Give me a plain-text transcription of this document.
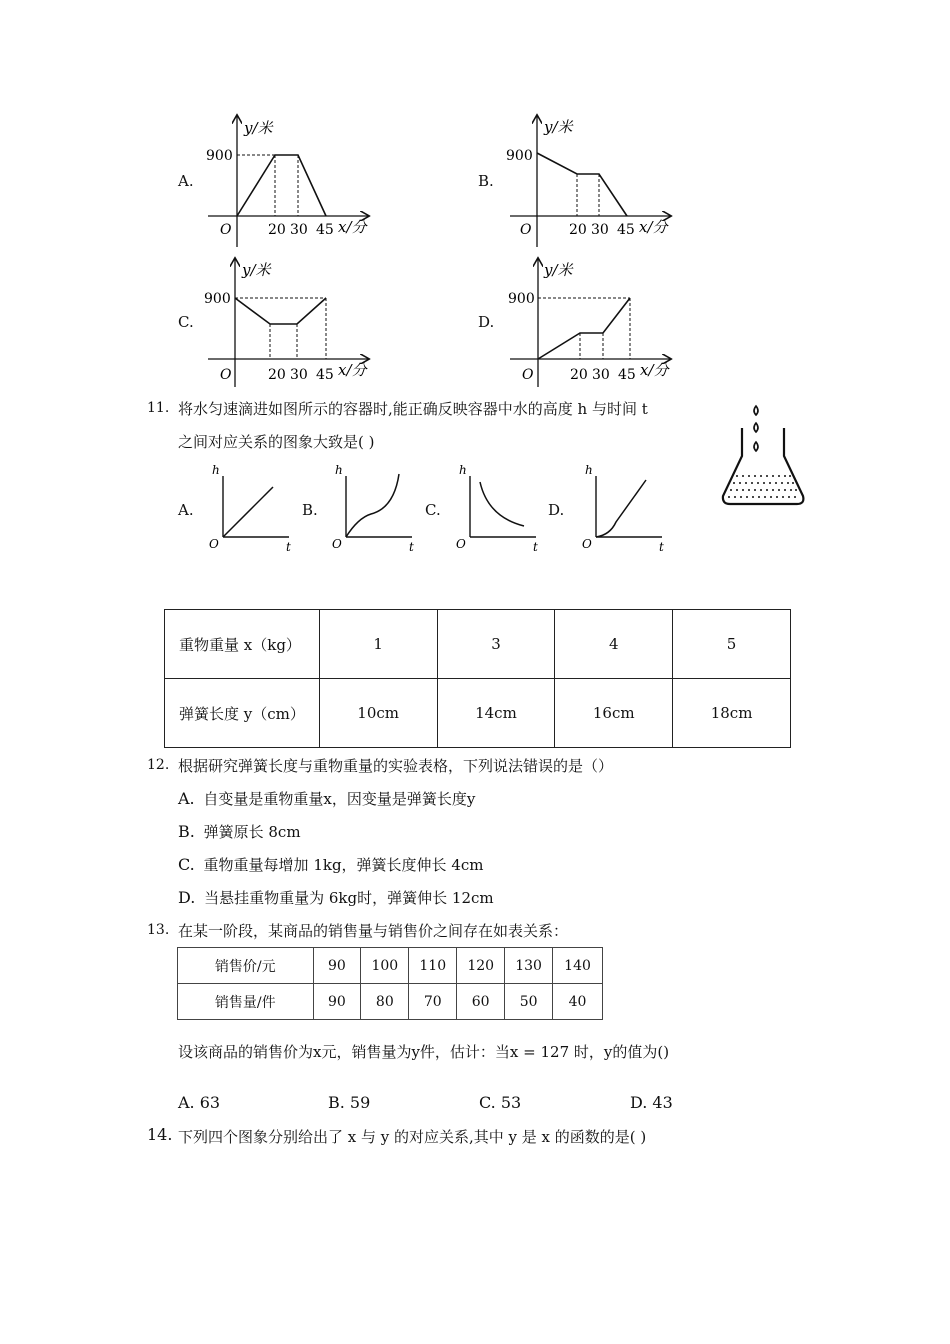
A.	B.
C.	D.
y/米
900
O	20 30 45 x/分
y/米
900
O	20 30 45 x/分
y/米
900
O	20 30 45 x/分
y/米
900
O	20 30 45 x/分
11. 将水匀速滴进如图所示的容器时,能正确反映容器中水的高度 h 与时间 t
之间对应关系的图象大致是( )
A.	B.	C.	D.
h
O	t
h
O	t
h
O	t
h
O	t
重物重量 x（kg）	1	3	4	5
弹簧长度 y（cm）	10cm	14cm	16cm	18cm
12. 根据研究弹簧长度与重物重量的实验表格，下列说法错误的是（）
A. 自变量是重物重量x，因变量是弹簧长度y
B. 弹簧原长 8cm
C. 重物重量每增加 1kg，弹簧长度伸长 4cm
D. 当悬挂重物重量为 6kg时，弹簧伸长 12cm
13. 在某一阶段，某商品的销售量与销售价之间存在如表关系：
销售价/元	90	100	110	120	130	140
销售量/件	90	80	70	60	50	40
设该商品的销售价为x元，销售量为y件，估计：当x = 127 时，y的值为()
A. 63	B. 59	C. 53	D. 43
14. 下列四个图象分别给出了 x 与 y 的对应关系,其中 y 是 x 的函数的是( )
